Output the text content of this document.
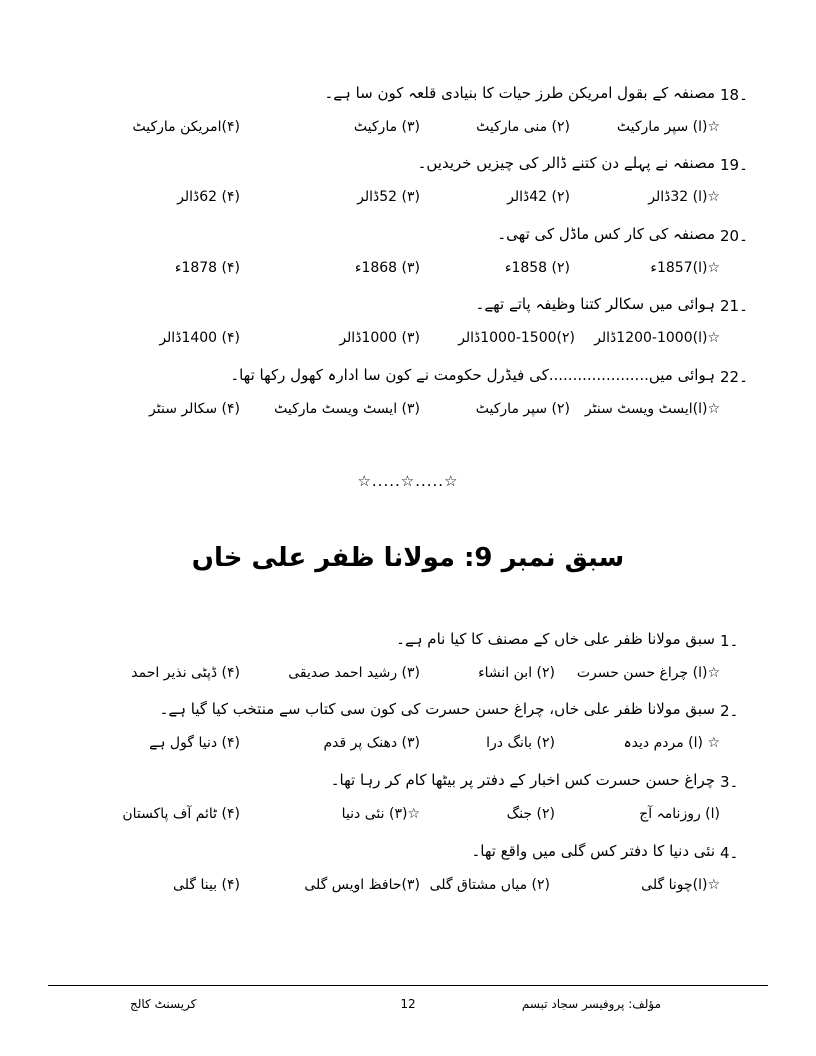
18۔
مصنفہ کے بقول امریکن طرز حیات کا بنیادی قلعہ کون سا ہے۔
☆(ا) سپر مارکیٹ
(۲) منی مارکیٹ
(۳) مارکیٹ
(۴)امریکن مارکیٹ
19۔
مصنفہ نے پہلے دن کتنے ڈالر کی چیزیں خریدیں۔
☆(ا) 32ڈالر
(۲) 42ڈالر
(۳) 52ڈالر
(۴) 62ڈالر
20۔
مصنفہ کی کار کس ماڈل کی تھی۔
☆(ا)1857ء
(۲) 1858ء
(۳) 1868ء
(۴) 1878ء
21۔
ہوائی میں سکالر کتنا وظیفہ پاتے تھے۔
☆(ا)1000-1200ڈالر
(۲)1000-1500ڈالر
(۳) 1000ڈالر
(۴) 1400ڈالر
22۔
ہوائی میں.....................کی فیڈرل حکومت نے کون سا ادارہ کھول رکھا تھا۔
☆(ا)ایسٹ ویسٹ سنٹر
(۲) سپر مارکیٹ
(۳) ایسٹ ویسٹ مارکیٹ
(۴) سکالر سنٹر
☆.....☆.....☆
سبق نمبر 9: مولانا ظفر علی خاں
1۔
سبق مولانا ظفر علی خاں کے مصنف کا کیا نام ہے۔
☆(ا) چراغ حسن حسرت
(۲) ابن انشاء
(۳) رشید احمد صدیقی
(۴) ڈپٹی نذیر احمد
2۔
سبق مولانا ظفر علی خاں، چراغ حسن حسرت کی کون سی کتاب سے منتخب کیا گیا ہے۔
☆ (ا) مردم دیدہ
(۲) بانگ درا
(۳) دھنک پر قدم
(۴) دنیا گول ہے
3۔
چراغ حسن حسرت کس اخبار کے دفتر پر بیٹھا کام کر رہا تھا۔
(ا) روزنامہ آج
(۲) جنگ
☆(۳) نئی دنیا
(۴) ٹائم آف پاکستان
4۔
نئی دنیا کا دفتر کس گلی میں واقع تھا۔
☆(ا)چونا گلی
(۲) میاں مشتاق گلی
(۳)حافظ اویس گلی
(۴) بینا گلی
کریسنٹ کالج	12	مؤلف: پروفیسر سجاد تبسم
